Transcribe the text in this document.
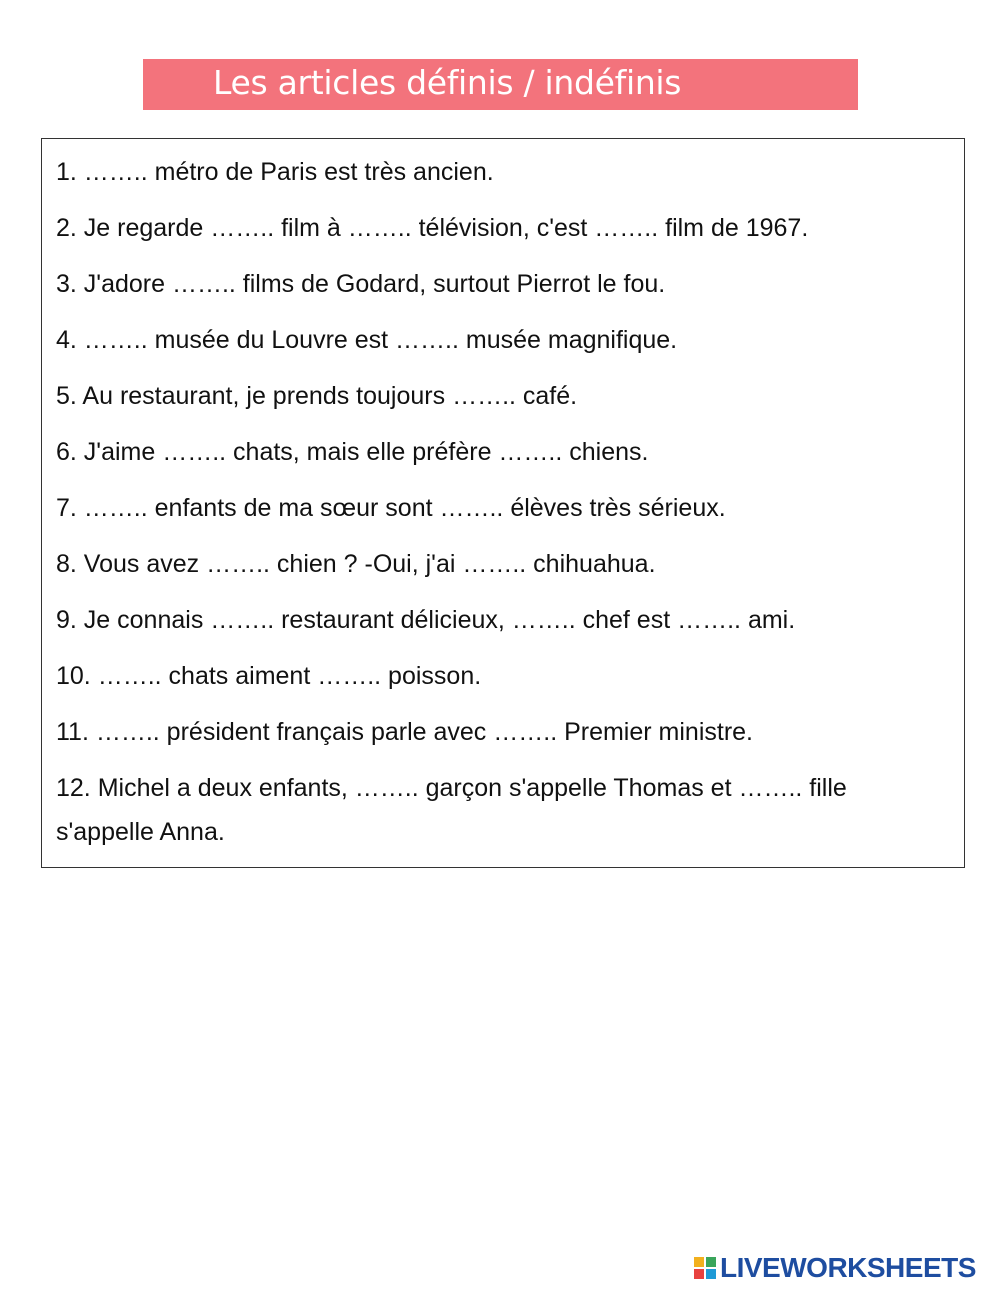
Les articles définis / indéfinis
1. …….. métro de Paris est très ancien.
2. Je regarde …….. film à …….. télévision, c'est …….. film de 1967.
3. J'adore …….. films de Godard, surtout Pierrot le fou.
4. …….. musée du Louvre est …….. musée magnifique.
5. Au restaurant, je prends toujours …….. café.
6. J'aime …….. chats, mais elle préfère …….. chiens.
7. …….. enfants de ma sœur sont …….. élèves très sérieux.
8. Vous avez …….. chien ? -Oui, j'ai …….. chihuahua.
9. Je connais …….. restaurant délicieux, …….. chef est …….. ami.
10. …….. chats aiment …….. poisson.
11. …….. président français parle avec …….. Premier ministre.
12. Michel a deux enfants, …….. garçon s'appelle Thomas et …….. fille s'appelle Anna.
LIVEWORKSHEETS
